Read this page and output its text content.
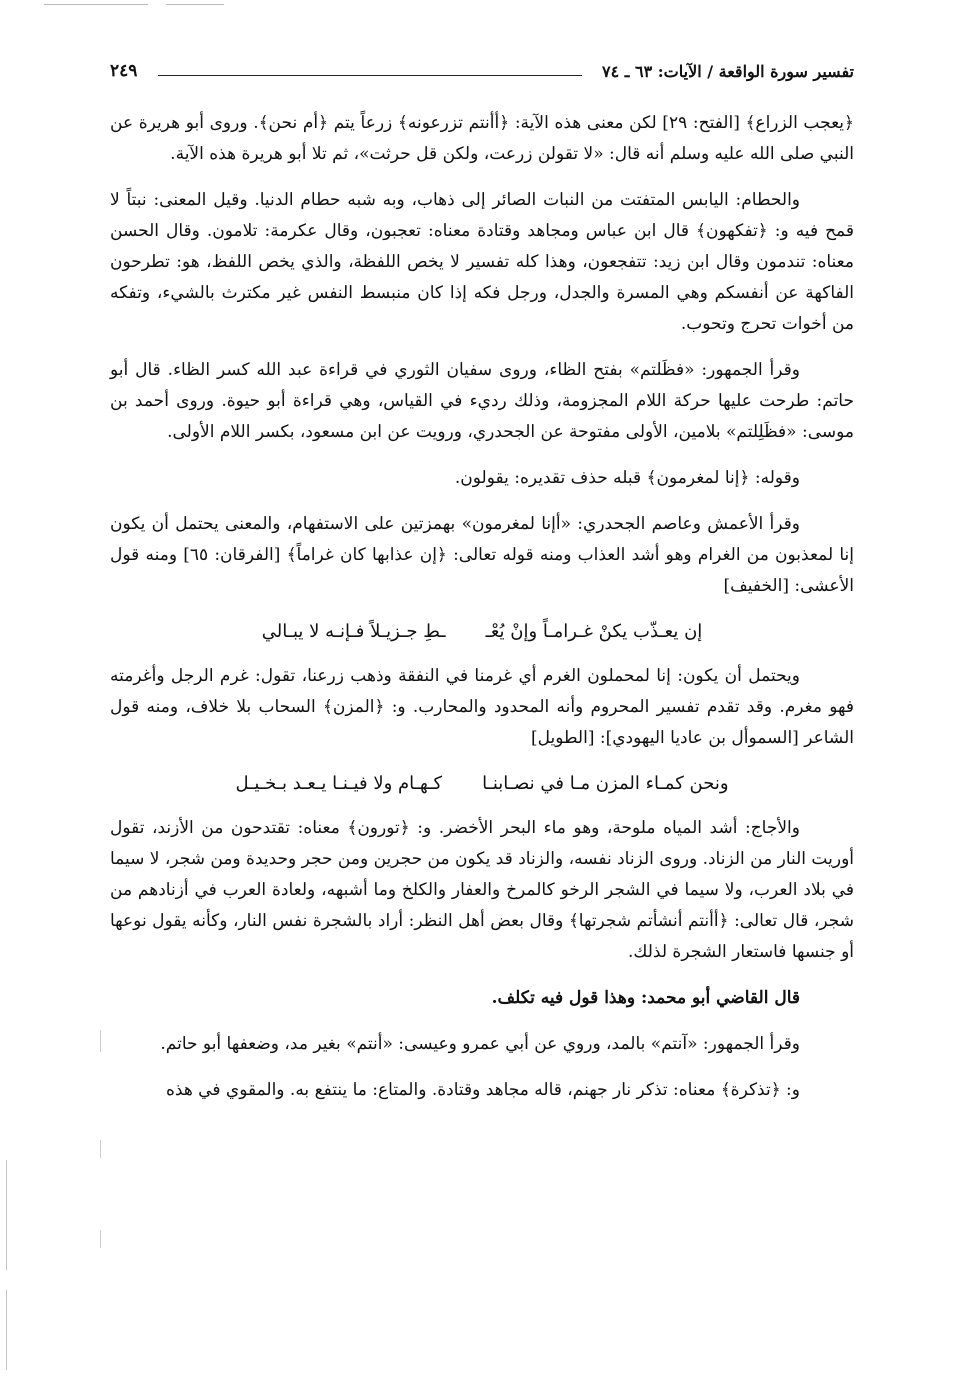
تفسير سورة الواقعة / الآيات: ٦٣ ـ ٧٤
٢٤٩

﴿يعجب الزراع﴾ [الفتح: ٢٩] لكن معنى هذه الآية: ﴿أأنتم تزرعونه﴾ زرعاً يتم ﴿أم نحن﴾. وروى أبو هريرة عن النبي صلى الله عليه وسلم أنه قال: «لا تقولن زرعت، ولكن قل حرثت»، ثم تلا أبو هريرة هذه الآية.

والحطام: اليابس المتفتت من النبات الصائر إلى ذهاب، وبه شبه حطام الدنيا. وقيل المعنى: نبتاً لا قمح فيه و: ﴿تفكهون﴾ قال ابن عباس ومجاهد وقتادة معناه: تعجبون، وقال عكرمة: تلامون. وقال الحسن معناه: تندمون وقال ابن زيد: تتفجعون، وهذا كله تفسير لا يخص اللفظة، والذي يخص اللفظ، هو: تطرحون الفاكهة عن أنفسكم وهي المسرة والجدل، ورجل فكه إذا كان منبسط النفس غير مكترث بالشيء، وتفكه من أخوات تحرج وتحوب.

وقرأ الجمهور: «فظَلتم» بفتح الظاء، وروى سفيان الثوري في قراءة عبد الله كسر الظاء. قال أبو حاتم: طرحت عليها حركة اللام المجزومة، وذلك رديء في القياس، وهي قراءة أبو حيوة. وروى أحمد بن موسى: «فظَلِلتم» بلامين، الأولى مفتوحة عن الجحدري، ورويت عن ابن مسعود، بكسر اللام الأولى.

وقوله: ﴿إنا لمغرمون﴾ قبله حذف تقديره: يقولون.

وقرأ الأعمش وعاصم الجحدري: «أإنا لمغرمون» بهمزتين على الاستفهام، والمعنى يحتمل أن يكون إنا لمعذبون من الغرام وهو أشد العذاب ومنه قوله تعالى: ﴿إن عذابها كان غراماً﴾ [الفرقان: ٦٥] ومنه قول الأعشى: [الخفيف]

إن يعـذّب يكنْ غـرامـاً وإنْ يُعْـ
ـطِ جـزيـلاً فـإنـه لا يبـالي

ويحتمل أن يكون: إنا لمحملون الغرم أي غرمنا في النفقة وذهب زرعنا، تقول: غرم الرجل وأغرمته فهو مغرم. وقد تقدم تفسير المحروم وأنه المحدود والمحارب. و: ﴿المزن﴾ السحاب بلا خلاف، ومنه قول الشاعر [السموأل بن عاديا اليهودي]: [الطويل]

ونحن كمـاء المزن مـا في نصـابنـا
كـهـام ولا فيـنـا يـعـد بـخـيـل

والأجاج: أشد المياه ملوحة، وهو ماء البحر الأخضر. و: ﴿تورون﴾ معناه: تقتدحون من الأزند، تقول أوريت النار من الزناد. وروى الزناد نفسه، والزناد قد يكون من حجرين ومن حجر وحديدة ومن شجر، لا سيما في بلاد العرب، ولا سيما في الشجر الرخو كالمرخ والعفار والكلخ وما أشبهه، ولعادة العرب في أزنادهم من شجر، قال تعالى: ﴿أأنتم أنشأتم شجرتها﴾ وقال بعض أهل النظر: أراد بالشجرة نفس النار، وكأنه يقول نوعها أو جنسها فاستعار الشجرة لذلك.

قال القاضي أبو محمد: وهذا قول فيه تكلف.

وقرأ الجمهور: «آنتم» بالمد، وروي عن أبي عمرو وعيسى: «أنتم» بغير مد، وضعفها أبو حاتم.

و: ﴿تذكرة﴾ معناه: تذكر نار جهنم، قاله مجاهد وقتادة. والمتاع: ما ينتفع به. والمقوي في هذه
